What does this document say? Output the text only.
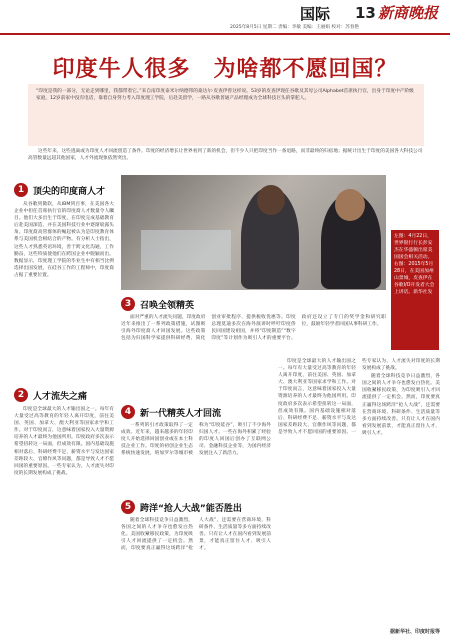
国际 13 新商晚报
2025年8月5日 星期二 责编：李敏 美编：王丽娟 校对：苏春艳
印度牛人很多　为啥都不愿回国？
“印度是我的一部分，无论走到哪里，我都带着它。”来自南印度泰米尔纳德邦的桑达尔·皮查伊曾这样说。53岁的皮查伊现任谷歌及其母公司Alphabet首席执行官，出身于印度中产阶级家庭，12岁前家中没有电话，靠着自身努力考入印度理工学院，后赴美留学，一路从谷歌普通产品经理成为全球科技巨头的掌舵人。
这些年来，这些逃离或为印度人才回流创造了条件。印度的经济增长让世界看到了新的机会，但不少人只把印度当作一条退路，而非最终的归宿地；据统计出生于印度的美国各大科技公司高管数量远超其他国家，人才外流现象依然突出。
1 顶尖的印度商人才

从谷歌到微软，从IBM到百事，在美国各大企业中担任首席执行官的印度裔人才数量令人瞩目。他们大多出生于印度，在印度完成基础教育后赴美国深造，并在美国科技行业中逐渐崭露头角。印度裔高管群体的崛起被认为是印度教育体系与美国机会相结合的产物。有分析人士指出，这些人才熟悉英语环境，善于跨文化沟通，工作勤奋，这些特质使他们在跨国企业中脱颖而出。数据显示，印度理工学院的毕业生中有相当比例选择出国发展，在硅谷工作的工程师中，印度裔占据了重要位置。

左图：4月22日，世界银行行长彭安杰在华盛顿出席美国国会相关活动。右图：2015年5月28日，在美国加州山景城，皮查伊在谷歌I/O开发者大会上讲话。新华社发
3 召唤全领精英

面对严重的人才流失问题，印度政府近年来推出了一系列政策措施，试图吸引海外印度裔人才回国发展。这些政策包括为归国科学家提供科研经费、简化创业审批程序、提供税收优惠等。印度总理莫迪多次在海外演讲时呼吁印度侨民回国建设祖国，并将“印度制造”“数字印度”等计划作为吸引人才的重要平台。政府还设立了专门的奖学金和研究职位，鼓励年轻学者回国从事科研工作。

2 人才流失之痛

印度是全球最大的人才输出国之一。每年有大量受过高等教育的年轻人离开印度，前往美国、英国、加拿大、澳大利亚等国家求学和工作。对于印度而言，这意味着国家投入大量资源培养的人才最终为他国所用。印度政府多次表示希望扭转这一局面，但成效有限。国内基础设施相对落后、科研经费不足、薪资水平与发达国家差距较大、官僚作风等问题，都是导致人才不愿回国的重要原因。一些专家认为，人才流失对印度的长期发展构成了挑战。

4 新一代精英人才回流

一系列的引才政策取得了一定成效。近年来，越来越多的年轻印度人开始选择回国创业或在本土科技企业工作。印度的初创企业生态系统快速发展，班加罗尔等城市被称为“印度硅谷”，吸引了不少海外归国人才。一些在海外积累了经验的印度人回国后创办了互联网公司、金融科技企业等，为国内经济发展注入了新活力。

5 跨洋“抢人大战”能否胜出

随着全球科技竞争日益激烈，各国之间的人才争夺也愈发白热化。美国收紧移民政策，为印度吸引人才回流提供了一定机会。然而，印度要真正赢得这场跨洋“抢人大战”，还需要在营商环境、科研条件、生活质量等多方面持续改善。只有让人才在国内看到发展前景，才能真正留住人才、吸引人才。

印度是全球最大的人才输出国之一。每年有大量受过高等教育的年轻人离开印度，前往美国、英国、加拿大、澳大利亚等国家求学和工作。对于印度而言，这意味着国家投入大量资源培养的人才最终为他国所用。印度政府多次表示希望扭转这一局面，但成效有限。国内基础设施相对落后、科研经费不足、薪资水平与发达国家差距较大、官僚作风等问题，都是导致人才不愿回国的重要原因。一些专家认为，人才流失对印度的长期发展构成了挑战。

随着全球科技竞争日益激烈，各国之间的人才争夺也愈发白热化。美国收紧移民政策，为印度吸引人才回流提供了一定机会。然而，印度要真正赢得这场跨洋“抢人大战”，还需要在营商环境、科研条件、生活质量等多方面持续改善。只有让人才在国内看到发展前景，才能真正留住人才、吸引人才。

据新华社、印度时报等
